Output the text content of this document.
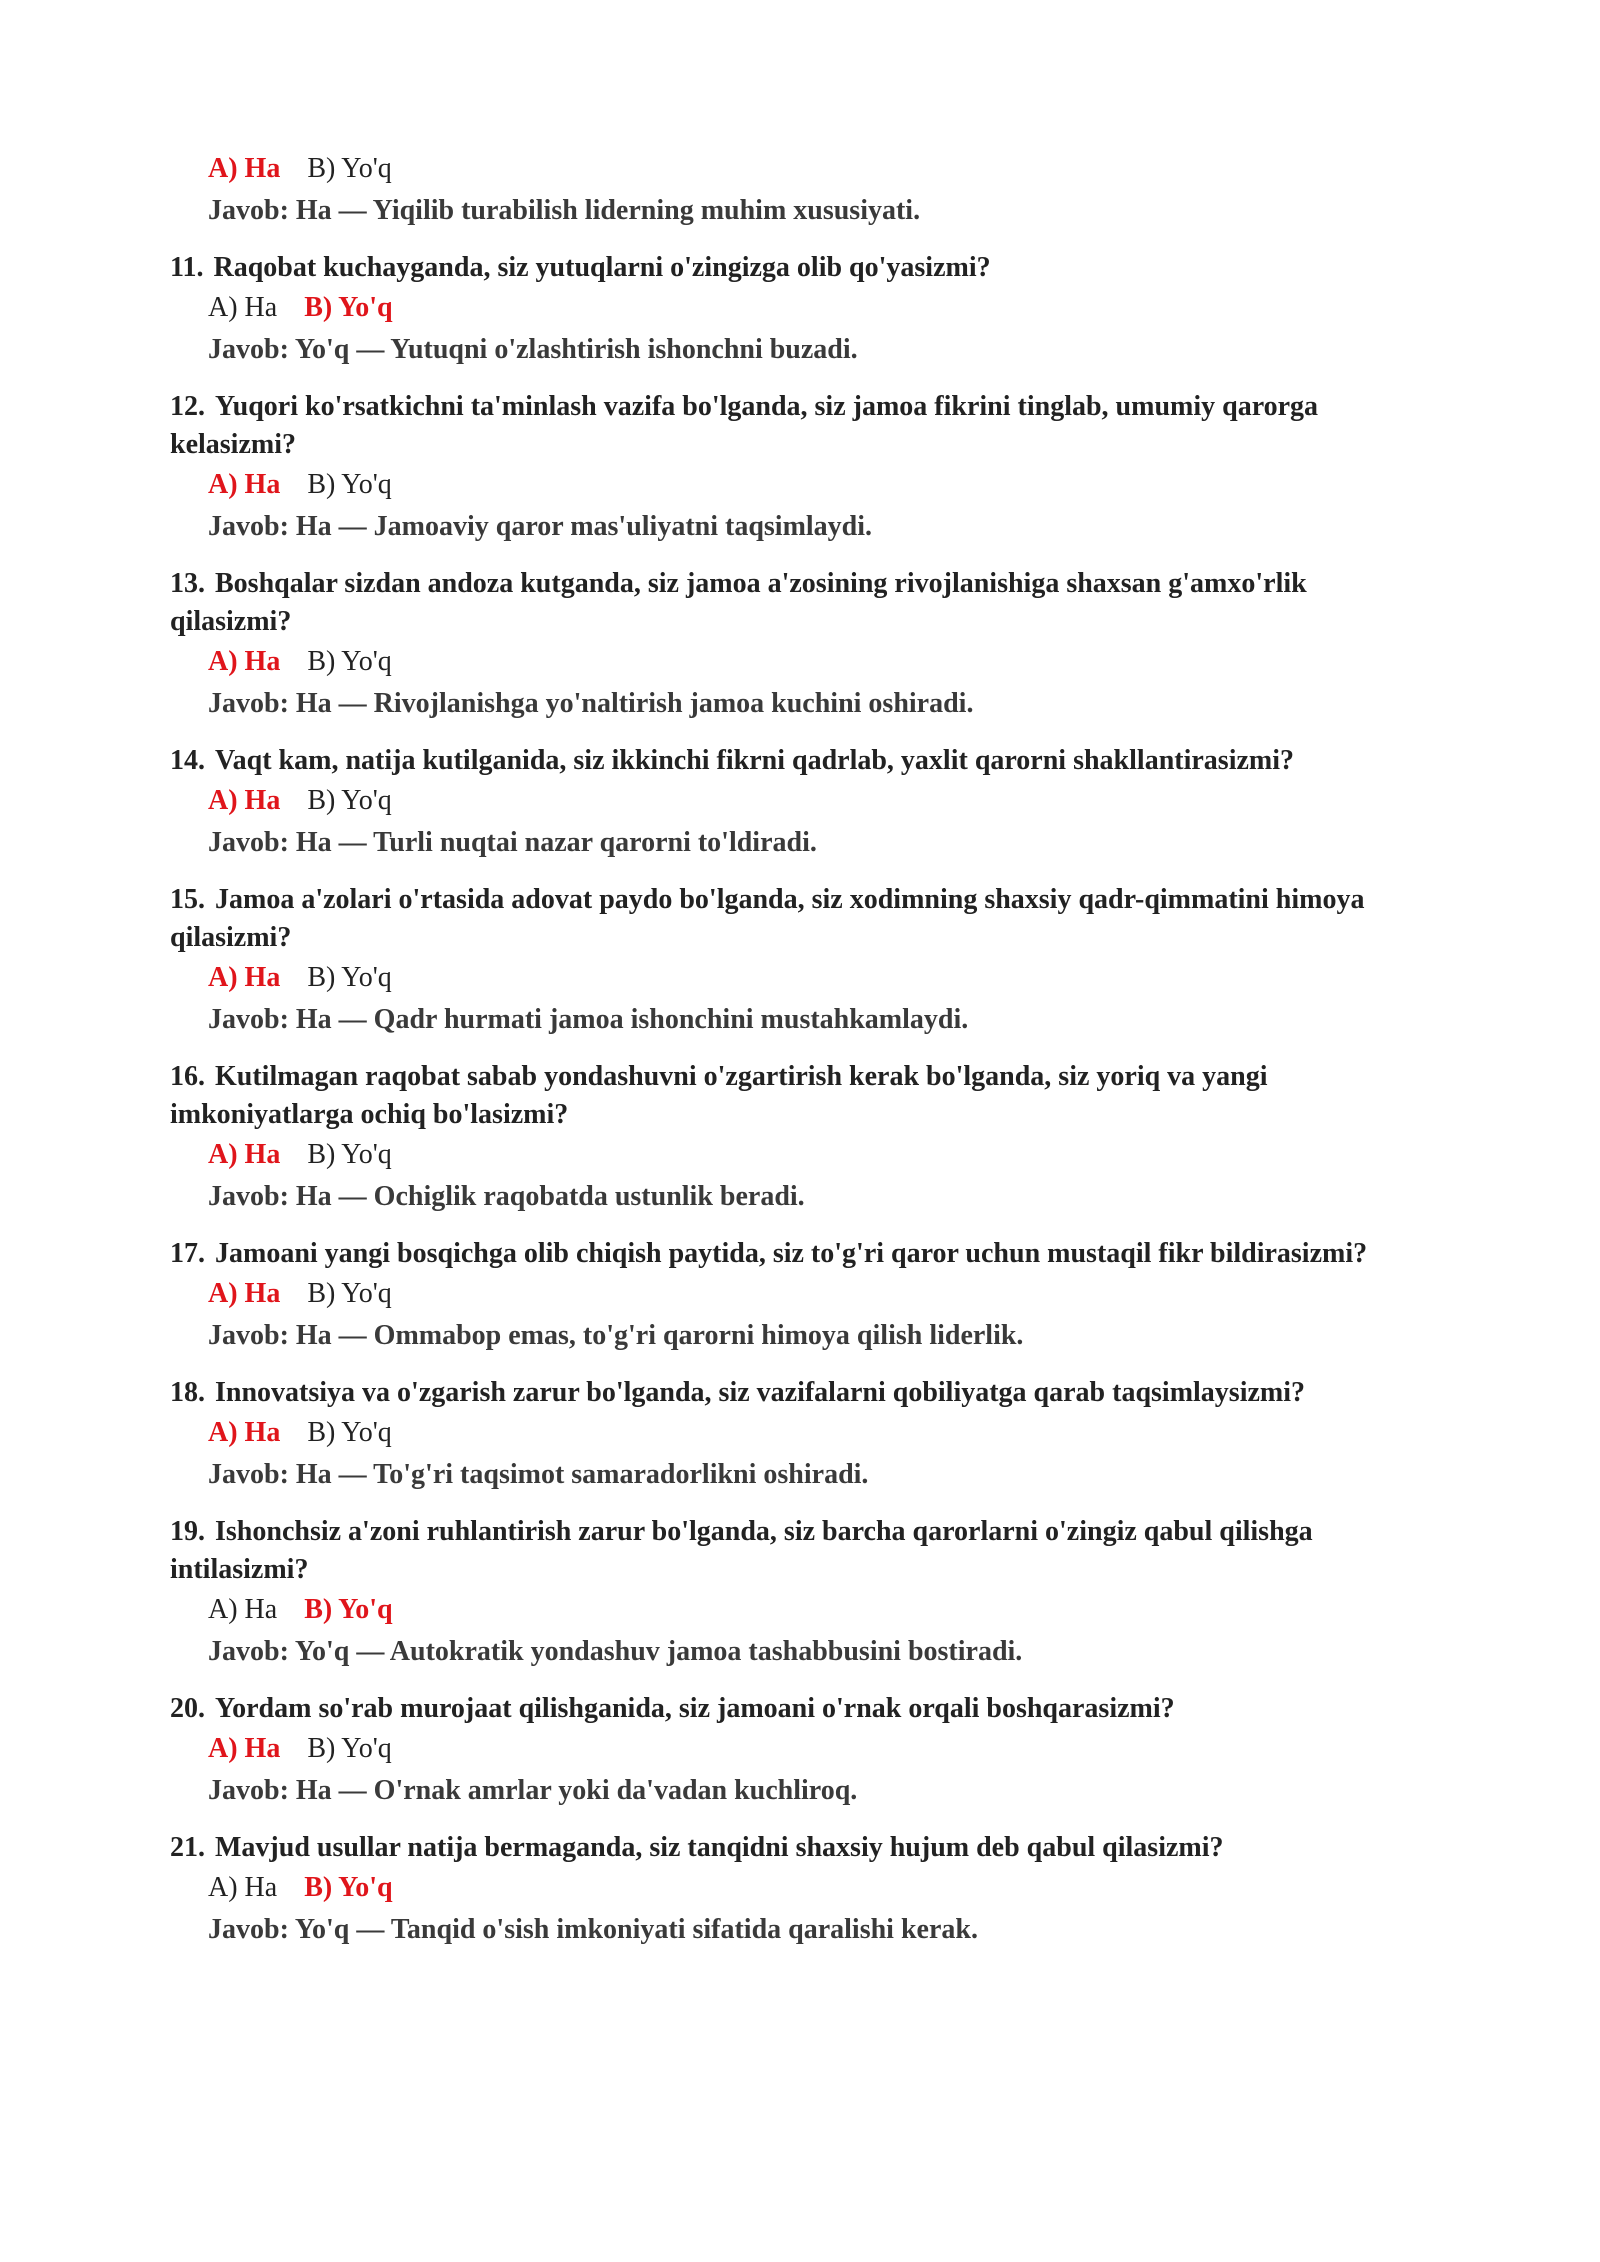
A) Ha B) Yo'q
Javob: Ha — Yiqilib turabilish liderning muhim xususiyati.
11. Raqobat kuchayganda, siz yutuqlarni o'zingizga olib qo'yasizmi?
A) Ha B) Yo'q
Javob: Yo'q — Yutuqni o'zlashtirish ishonchni buzadi.
12. Yuqori ko'rsatkichni ta'minlash vazifa bo'lganda, siz jamoa fikrini tinglab, umumiy qarorga kelasizmi?
A) Ha B) Yo'q
Javob: Ha — Jamoaviy qaror mas'uliyatni taqsimlaydi.
13. Boshqalar sizdan andoza kutganda, siz jamoa a'zosining rivojlanishiga shaxsan g'amxo'rlik qilasizmi?
A) Ha B) Yo'q
Javob: Ha — Rivojlanishga yo'naltirish jamoa kuchini oshiradi.
14. Vaqt kam, natija kutilganida, siz ikkinchi fikrni qadrlab, yaxlit qarorni shakllantirasizmi?
A) Ha B) Yo'q
Javob: Ha — Turli nuqtai nazar qarorni to'ldiradi.
15. Jamoa a'zolari o'rtasida adovat paydo bo'lganda, siz xodimning shaxsiy qadr-qimmatini himoya qilasizmi?
A) Ha B) Yo'q
Javob: Ha — Qadr hurmati jamoa ishonchini mustahkamlaydi.
16. Kutilmagan raqobat sabab yondashuvni o'zgartirish kerak bo'lganda, siz yoriq va yangi imkoniyatlarga ochiq bo'lasizmi?
A) Ha B) Yo'q
Javob: Ha — Ochiglik raqobatda ustunlik beradi.
17. Jamoani yangi bosqichga olib chiqish paytida, siz to'g'ri qaror uchun mustaqil fikr bildirasizmi?
A) Ha B) Yo'q
Javob: Ha — Ommabop emas, to'g'ri qarorni himoya qilish liderlik.
18. Innovatsiya va o'zgarish zarur bo'lganda, siz vazifalarni qobiliyatga qarab taqsimlaysizmi?
A) Ha B) Yo'q
Javob: Ha — To'g'ri taqsimot samaradorlikni oshiradi.
19. Ishonchsiz a'zoni ruhlantirish zarur bo'lganda, siz barcha qarorlarni o'zingiz qabul qilishga intilasizmi?
A) Ha B) Yo'q
Javob: Yo'q — Autokratik yondashuv jamoa tashabbusini bostiradi.
20. Yordam so'rab murojaat qilishganida, siz jamoani o'rnak orqali boshqarasizmi?
A) Ha B) Yo'q
Javob: Ha — O'rnak amrlar yoki da'vadan kuchliroq.
21. Mavjud usullar natija bermaganda, siz tanqidni shaxsiy hujum deb qabul qilasizmi?
A) Ha B) Yo'q
Javob: Yo'q — Tanqid o'sish imkoniyati sifatida qaralishi kerak.
